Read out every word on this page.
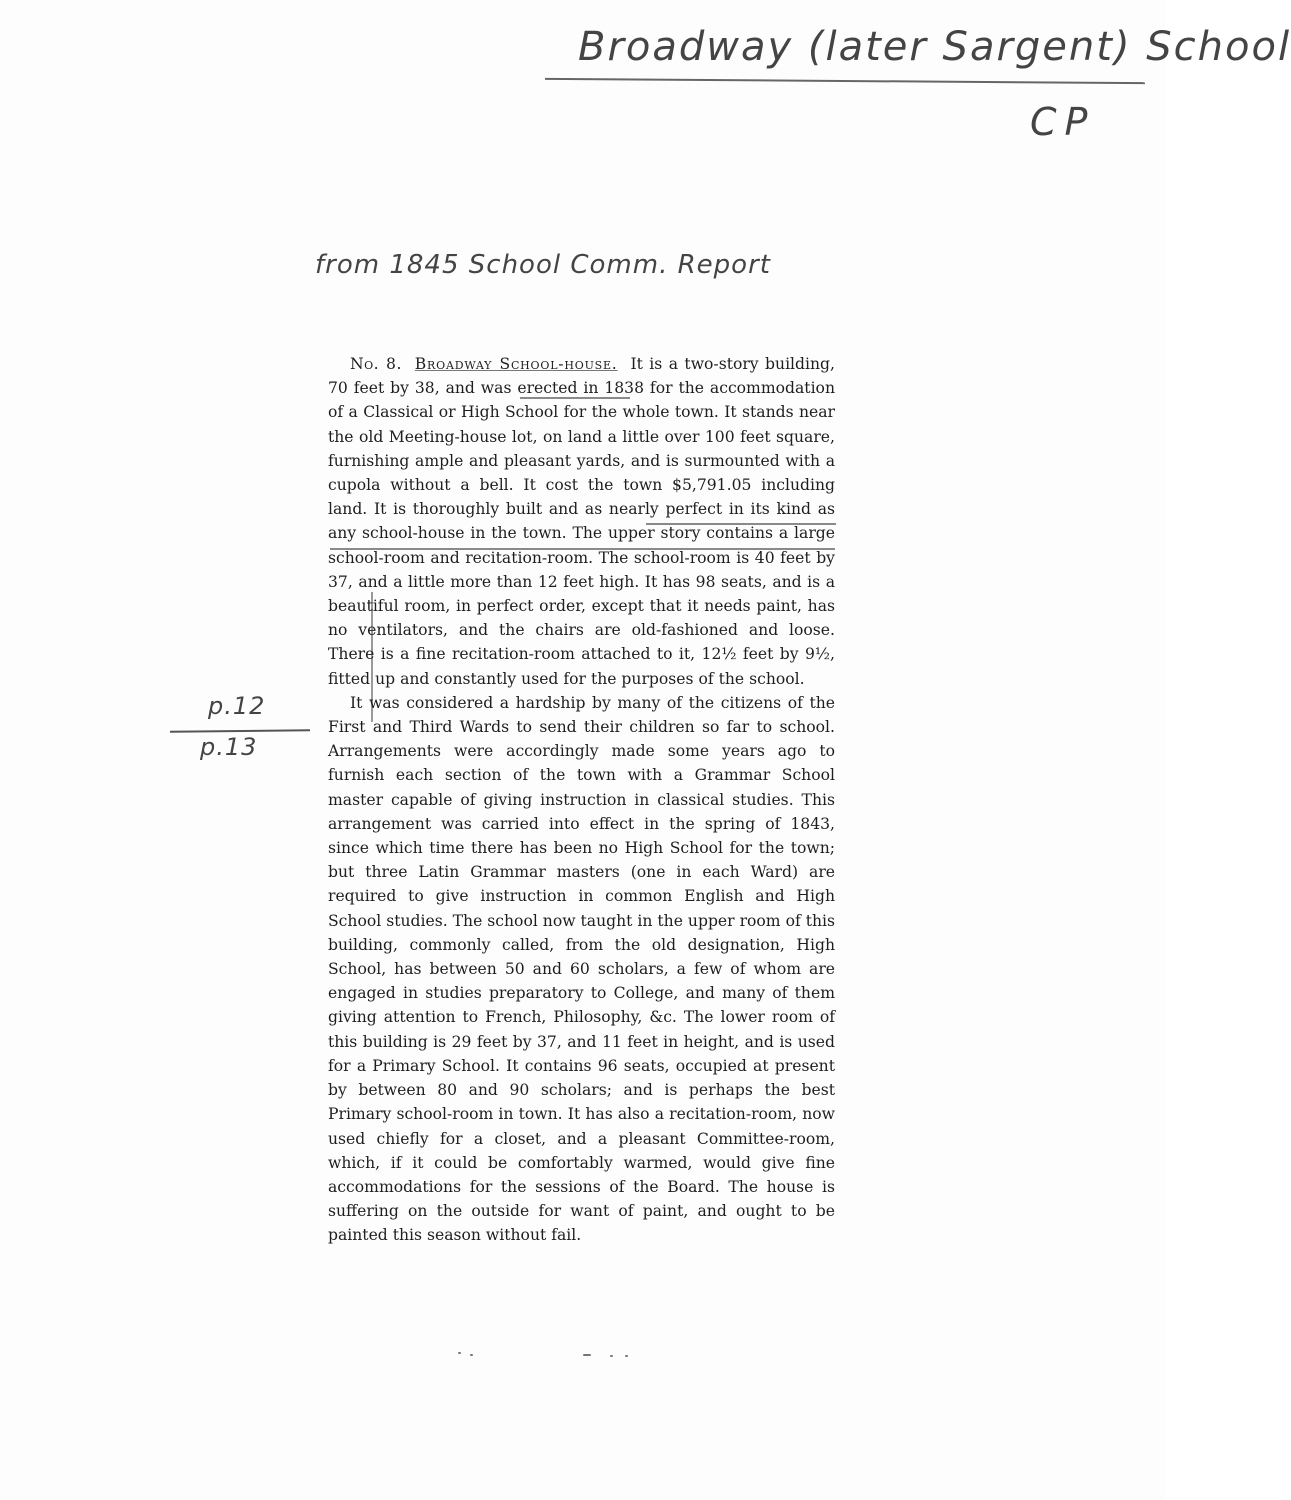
Broadway (later Sargent) School
CP
from 1845 School Comm. Report
p.12
p.13

No. 8. Broadway School-house. It is a two-story building, 70 feet by 38, and was erected in 1838 for the accommodation of a Classical or High School for the whole town. It stands near the old Meeting-house lot, on land a little over 100 feet square, furnishing ample and pleasant yards, and is surmounted with a cupola without a bell. It cost the town $5,791.05 including land. It is thoroughly built and as nearly perfect in its kind as any school-house in the town. The upper story contains a large school-room and recitation-room. The school-room is 40 feet by 37, and a little more than 12 feet high. It has 98 seats, and is a beautiful room, in perfect order, except that it needs paint, has no ventilators, and the chairs are old-fashioned and loose. There is a fine recitation-room attached to it, 12½ feet by 9½, fitted up and constantly used for the purposes of the school.

It was considered a hardship by many of the citizens of the First and Third Wards to send their children so far to school. Arrangements were accordingly made some years ago to furnish each section of the town with a Grammar School master capable of giving instruction in classical studies. This arrangement was carried into effect in the spring of 1843, since which time there has been no High School for the town; but three Latin Grammar masters (one in each Ward) are required to give instruction in common English and High School studies. The school now taught in the upper room of this building, commonly called, from the old designation, High School, has between 50 and 60 scholars, a few of whom are engaged in studies preparatory to College, and many of them giving attention to French, Philosophy, &c. The lower room of this building is 29 feet by 37, and 11 feet in height, and is used for a Primary School. It contains 96 seats, occupied at present by between 80 and 90 scholars; and is perhaps the best Primary school-room in town. It has also a recitation-room, now used chiefly for a closet, and a pleasant Committee-room, which, if it could be comfortably warmed, would give fine accommodations for the sessions of the Board. The house is suffering on the outside for want of paint, and ought to be painted this season without fail.
